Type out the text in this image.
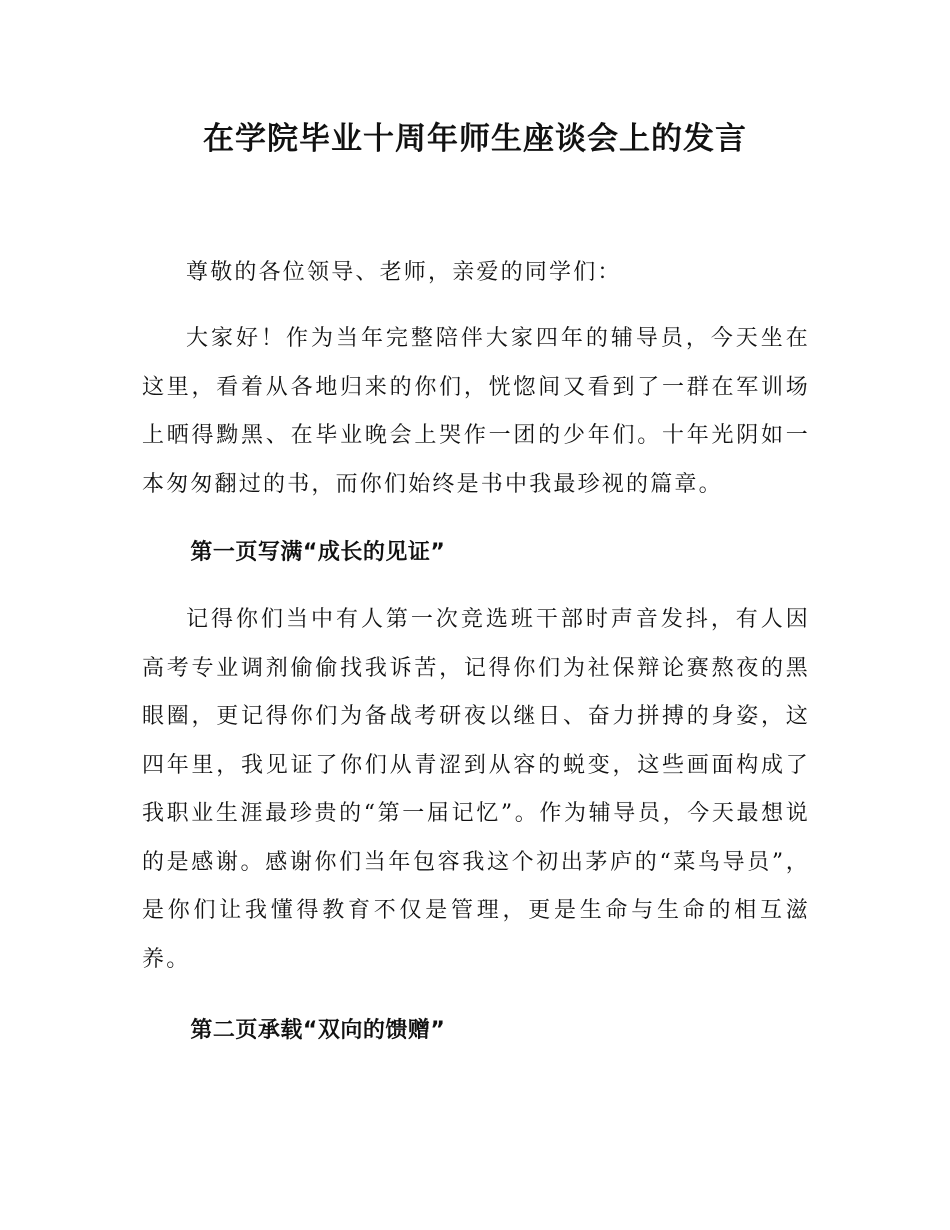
在学院毕业十周年师生座谈会上的发言

尊敬的各位领导、老师，亲爱的同学们：

大家好！作为当年完整陪伴大家四年的辅导员，今天坐在这里，看着从各地归来的你们，恍惚间又看到了一群在军训场上晒得黝黑、在毕业晚会上哭作一团的少年们。十年光阴如一本匆匆翻过的书，而你们始终是书中我最珍视的篇章。

第一页写满“成长的见证”

记得你们当中有人第一次竞选班干部时声音发抖，有人因高考专业调剂偷偷找我诉苦，记得你们为社保辩论赛熬夜的黑眼圈，更记得你们为备战考研夜以继日、奋力拼搏的身姿，这四年里，我见证了你们从青涩到从容的蜕变，这些画面构成了我职业生涯最珍贵的“第一届记忆”。作为辅导员，今天最想说的是感谢。感谢你们当年包容我这个初出茅庐的“菜鸟导员”，是你们让我懂得教育不仅是管理，更是生命与生命的相互滋养。

第二页承载“双向的馈赠”
